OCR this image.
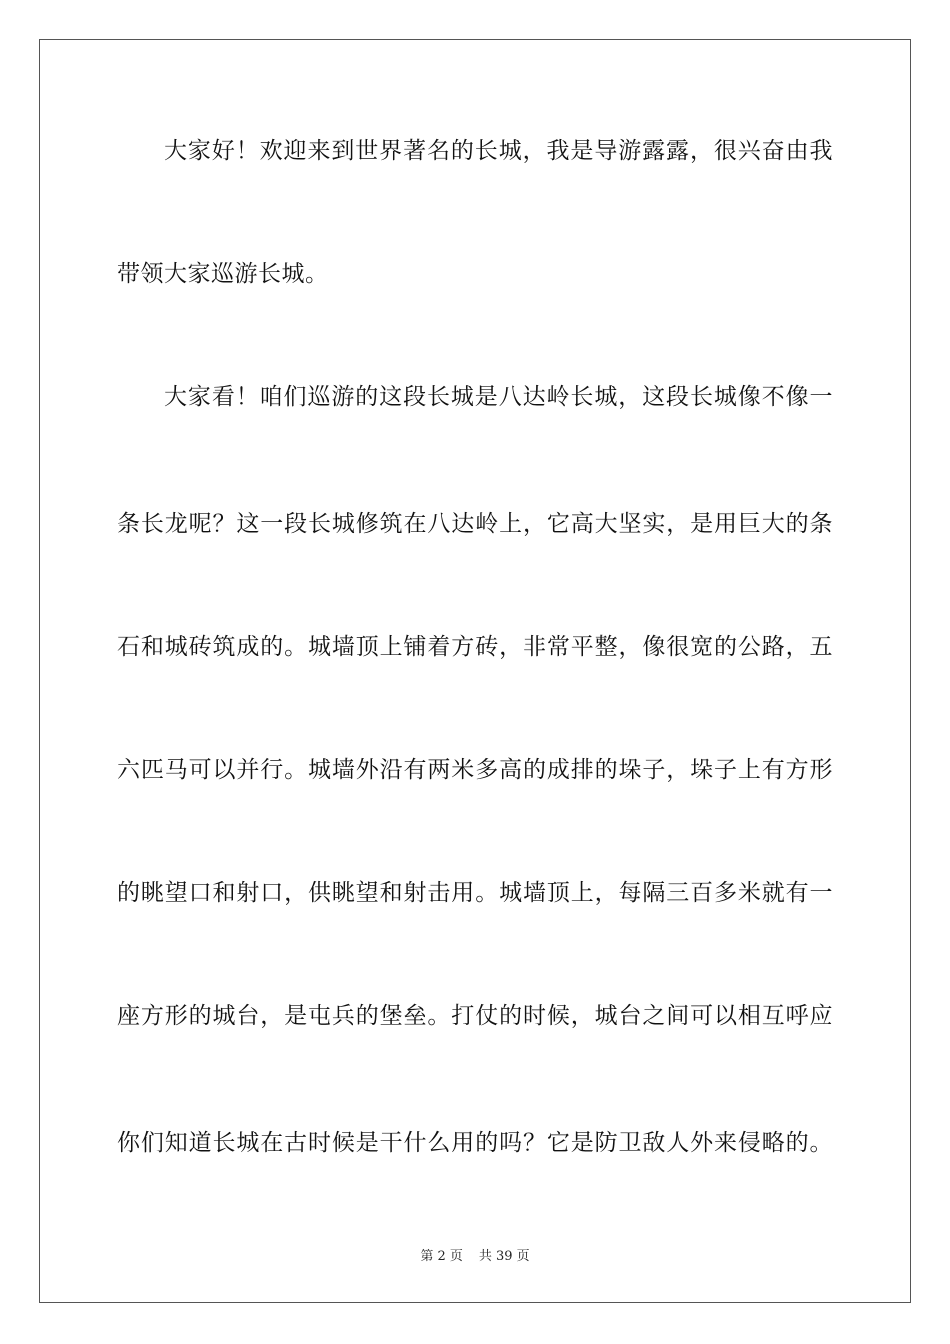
大家好！欢迎来到世界著名的长城，我是导游露露，很兴奋由我
带领大家巡游长城。
大家看！咱们巡游的这段长城是八达岭长城，这段长城像不像一
条长龙呢？这一段长城修筑在八达岭上，它高大坚实，是用巨大的条
石和城砖筑成的。城墙顶上铺着方砖，非常平整，像很宽的公路，五
六匹马可以并行。城墙外沿有两米多高的成排的垛子，垛子上有方形
的眺望口和射口，供眺望和射击用。城墙顶上，每隔三百多米就有一
座方形的城台，是屯兵的堡垒。打仗的时候，城台之间可以相互呼应
你们知道长城在古时候是干什么用的吗？它是防卫敌人外来侵略的。
第 2 页 共 39 页
